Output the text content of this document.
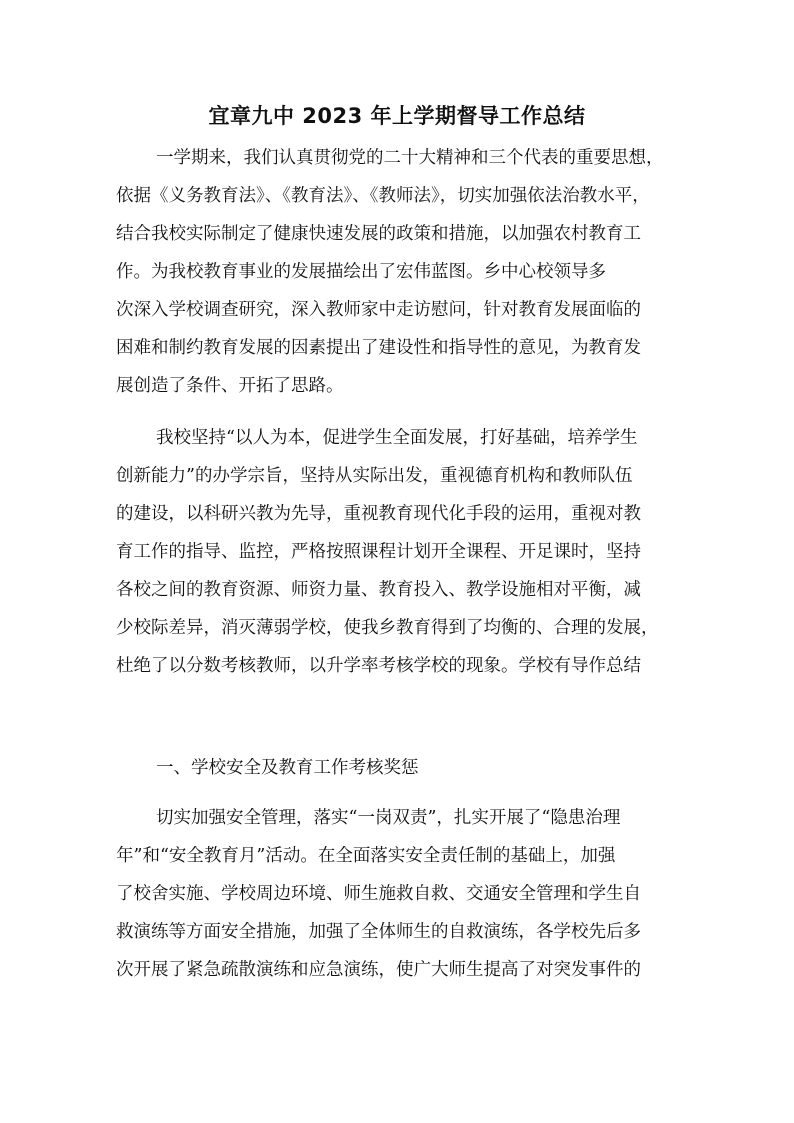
宜章九中 2023 年上学期督导工作总结
一学期来，我们认真贯彻党的二十大精神和三个代表的重要思想，
依据《义务教育法》、《教育法》、《教师法》，切实加强依法治教水平，
结合我校实际制定了健康快速发展的政策和措施，以加强农村教育工
作。为我校教育事业的发展描绘出了宏伟蓝图。乡中心校领导多
次深入学校调查研究，深入教师家中走访慰问，针对教育发展面临的
困难和制约教育发展的因素提出了建设性和指导性的意见，为教育发
展创造了条件、开拓了思路。
我校坚持“以人为本，促进学生全面发展，打好基础，培养学生
创新能力”的办学宗旨，坚持从实际出发，重视德育机构和教师队伍
的建设，以科研兴教为先导，重视教育现代化手段的运用，重视对教
育工作的指导、监控，严格按照课程计划开全课程、开足课时，坚持
各校之间的教育资源、师资力量、教育投入、教学设施相对平衡，减
少校际差异，消灭薄弱学校，使我乡教育得到了均衡的、合理的发展，
杜绝了以分数考核教师，以升学率考核学校的现象。学校有导作总结
一、学校安全及教育工作考核奖惩
切实加强安全管理，落实“一岗双责”，扎实开展了“隐患治理
年”和“安全教育月”活动。在全面落实安全责任制的基础上，加强
了校舍实施、学校周边环境、师生施救自救、交通安全管理和学生自
救演练等方面安全措施，加强了全体师生的自救演练，各学校先后多
次开展了紧急疏散演练和应急演练，使广大师生提高了对突发事件的
